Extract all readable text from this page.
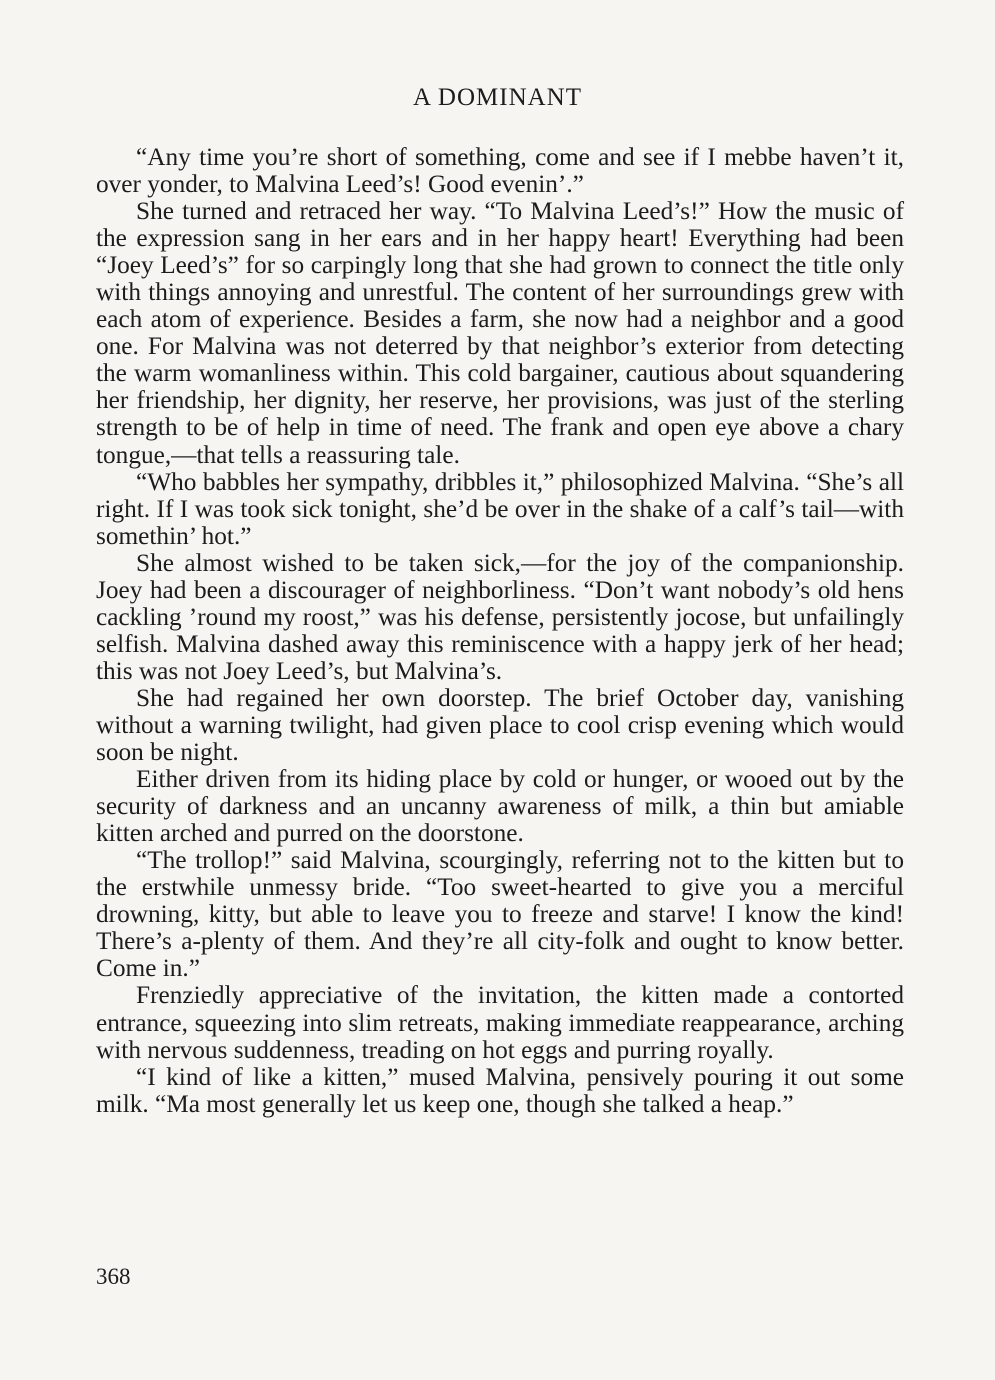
A DOMINANT

“Any time you’re short of something, come and see if I mebbe haven’t it, over yonder, to Malvina Leed’s! Good evenin’.”

She turned and retraced her way. “To Malvina Leed’s!” How the music of the expression sang in her ears and in her happy heart! Everything had been “Joey Leed’s” for so carpingly long that she had grown to connect the title only with things annoying and unrestful. The content of her surroundings grew with each atom of experience. Besides a farm, she now had a neighbor and a good one. For Malvina was not deterred by that neighbor’s exterior from detecting the warm womanliness within. This cold bargainer, cautious about squandering her friendship, her dignity, her reserve, her provisions, was just of the sterling strength to be of help in time of need. The frank and open eye above a chary tongue,—that tells a reassuring tale.

“Who babbles her sympathy, dribbles it,” philosophized Malvina. “She’s all right. If I was took sick tonight, she’d be over in the shake of a calf’s tail—with somethin’ hot.”

She almost wished to be taken sick,—for the joy of the companionship. Joey had been a discourager of neighborliness. “Don’t want nobody’s old hens cackling ’round my roost,” was his defense, persistently jocose, but unfailingly selfish. Malvina dashed away this reminiscence with a happy jerk of her head; this was not Joey Leed’s, but Malvina’s.

She had regained her own doorstep. The brief October day, vanishing without a warning twilight, had given place to cool crisp evening which would soon be night.

Either driven from its hiding place by cold or hunger, or wooed out by the security of darkness and an uncanny awareness of milk, a thin but amiable kitten arched and purred on the doorstone.

“The trollop!” said Malvina, scourgingly, referring not to the kitten but to the erstwhile unmessy bride. “Too sweet-hearted to give you a merciful drowning, kitty, but able to leave you to freeze and starve! I know the kind! There’s a-plenty of them. And they’re all city-folk and ought to know better. Come in.”

Frenziedly appreciative of the invitation, the kitten made a contorted entrance, squeezing into slim retreats, making immediate reappearance, arching with nervous suddenness, treading on hot eggs and purring royally.

“I kind of like a kitten,” mused Malvina, pensively pouring it out some milk. “Ma most generally let us keep one, though she talked a heap.”

368
